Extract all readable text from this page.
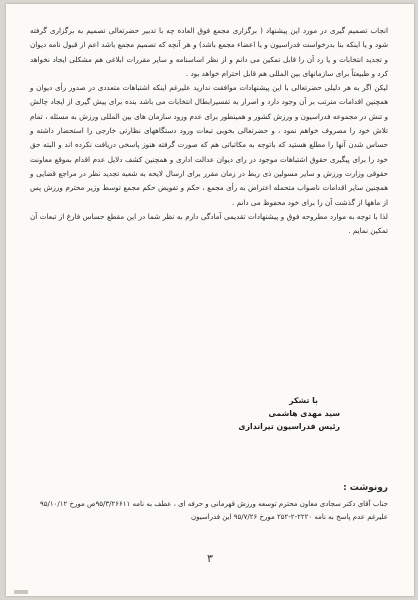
انجاب تصمیم گیری در مورد این پیشنهاد ( برگزاری مجمع فوق العاده چه با تدبیر حضرتعالی تصمیم به برگزاری گرفته شود و یا اینکه بنا بدرخواست فدراسیون و یا اعضاء مجمع باشد) و هر آنچه که تصمیم مجمع باشد اعم از قبول نامه دیوان و تجدید انتخابات و یا رد آن را قابل تمکین می دانم و از نظر اساسنامه و سایر مقررات ابلاغی هم مشکلی ایجاد نخواهد کرد و طبیعتاً برای سازمانهای بین المللی هم قابل احترام خواهد بود .

لیکن اگر به هر دلیلی حضرتعالی با این پیشنهادات موافقت ندارید علیرغم اینکه اشتباهات متعددی در صدور رأی دیوان و همچنین اقدامات مترتب بر آن وجود دارد و اصرار به تفسیرابطال انتخابات می باشد بنده برای پیش گیری از ایجاد چالش و تنش در مجموعه فدراسیون و ورزش کشور و همینطور برای عدم ورود سازمان های بین المللی ورزش به مسئله ، تمام تلاش خود را مصروف خواهم نمود ، و حضرتعالی بخوبی تبعات ورود دستگاههای نظارتی خارجی را استحضار داشته و حساس شدن آنها را مطلع هستید که باتوجه به مکاتباتی هم که صورت گرفته هنوز پاسخی دریافت نکرده اند و البته حق خود را برای پیگیری حقوق اشتباهات موجود در رای دیوان عدالت اداری و همچنین کشف دلایل عدم اقدام بموقع معاونت حقوقی وزارت ورزش و سایر مسولین ذی ربط در زمان مقرر برای ارسال لایحه به شعبه تجدید نظر در مراجع قضایی و همچنین سایر اقدامات ناصواب متحمله اعتراض به رأی مجمع ، حکم و تفویض حکم مجمع توسط وزیر محترم ورزش پس از ماهها از گذشت آن را برای خود محفوظ می دانم .

لذا با توجه به موارد مطروحه فوق و پیشنهادات تقدیمی آمادگی دارم به نظر شما در این مقطع حساس فارغ از تبعات آن تمکین نمایم .

با تشکر
سید مهدی هاشمی
رئیس فدراسیون تیراندازی
رونوشت :
جناب آقای دکتر سجادی معاون محترم توسعه ورزش قهرمانی و حرفه ای ، عطف به نامه ۹۵/۳/۲۶۶۱۱ص مورخ ۹۵/۱۰/۱۲ علیرغم عدم پاسخ به نامه ۲۲۲۰-۲-۲۵۲ مورخ ۹۵/۷/۲۶ این فدراسیون
۳
